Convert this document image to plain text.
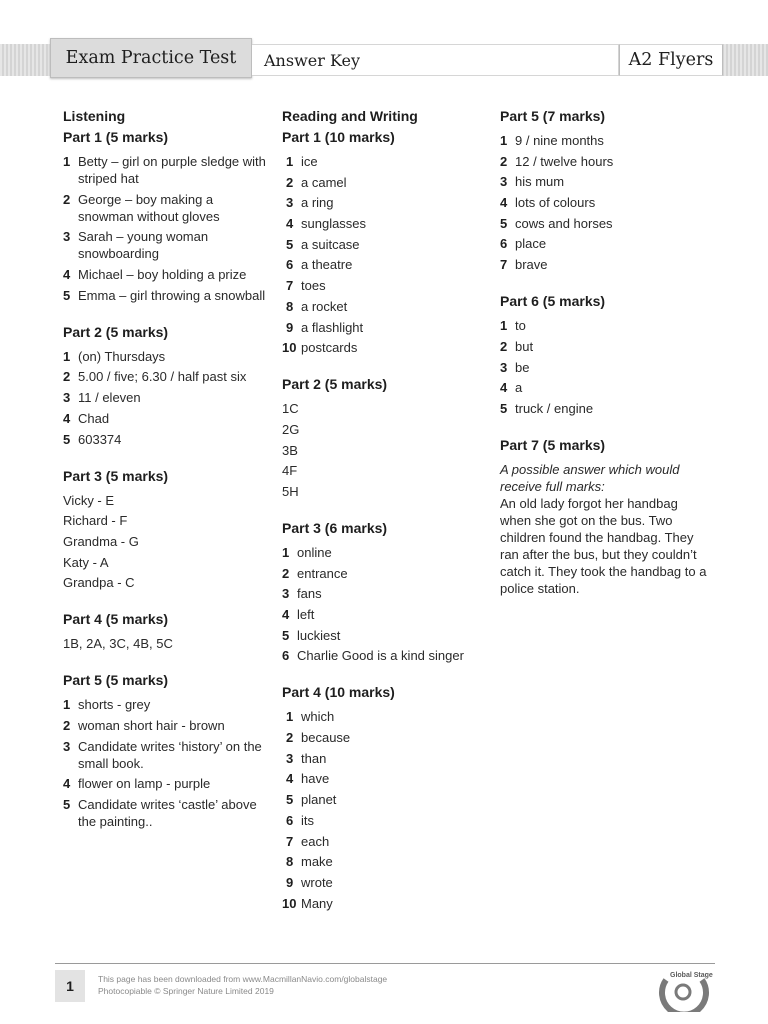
Exam Practice Test Answer Key	A2 Flyers
Listening
Part 1 (5 marks)
1 Betty – girl on purple sledge with striped hat
2 George – boy making a snowman without gloves
3 Sarah – young woman snowboarding
4 Michael – boy holding a prize
5 Emma – girl throwing a snowball
Part 2 (5 marks)
1 (on) Thursdays
2 5.00 / five; 6.30 / half past six
3 11 / eleven
4 Chad
5 603374
Part 3 (5 marks)
Vicky - E
Richard - F
Grandma - G
Katy - A
Grandpa - C
Part 4 (5 marks)

1B, 2A, 3C, 4B, 5C

Part 5 (5 marks)
1 shorts - grey
2 woman short hair - brown
3 Candidate writes ‘history’ on the small book.
4 flower on lamp - purple
5 Candidate writes ‘castle’ above the painting..
Reading and Writing
Part 1 (10 marks)
1 ice
2 a camel
3 a ring
4 sunglasses
5 a suitcase
6 a theatre
7 toes
8 a rocket
9 a flashlight
10 postcards
Part 2 (5 marks)
1C
2G
3B
4F
5H
Part 3 (6 marks)
1 online
2 entrance
3 fans
4 left
5 luckiest
6 Charlie Good is a kind singer
Part 4 (10 marks)
1 which
2 because
3 than
4 have
5 planet
6 its
7 each
8 make
9 wrote
10 Many
Part 5 (7 marks)
1 9 / nine months
2 12 / twelve hours
3 his mum
4 lots of colours
5 cows and horses
6 place
7 brave
Part 6 (5 marks)
1 to
2 but
3 be
4 a
5 truck / engine
Part 7 (5 marks)

A possible answer which would receive full marks:

An old lady forgot her handbag when she got on the bus. Two children found the handbag. They ran after the bus, but they couldn’t catch it. They took the handbag to a police station.

1	This page has been downloaded from www.MacmillanNavio.com/globalstage
Photocopiable © Springer Nature Limited 2019
Global Stage
